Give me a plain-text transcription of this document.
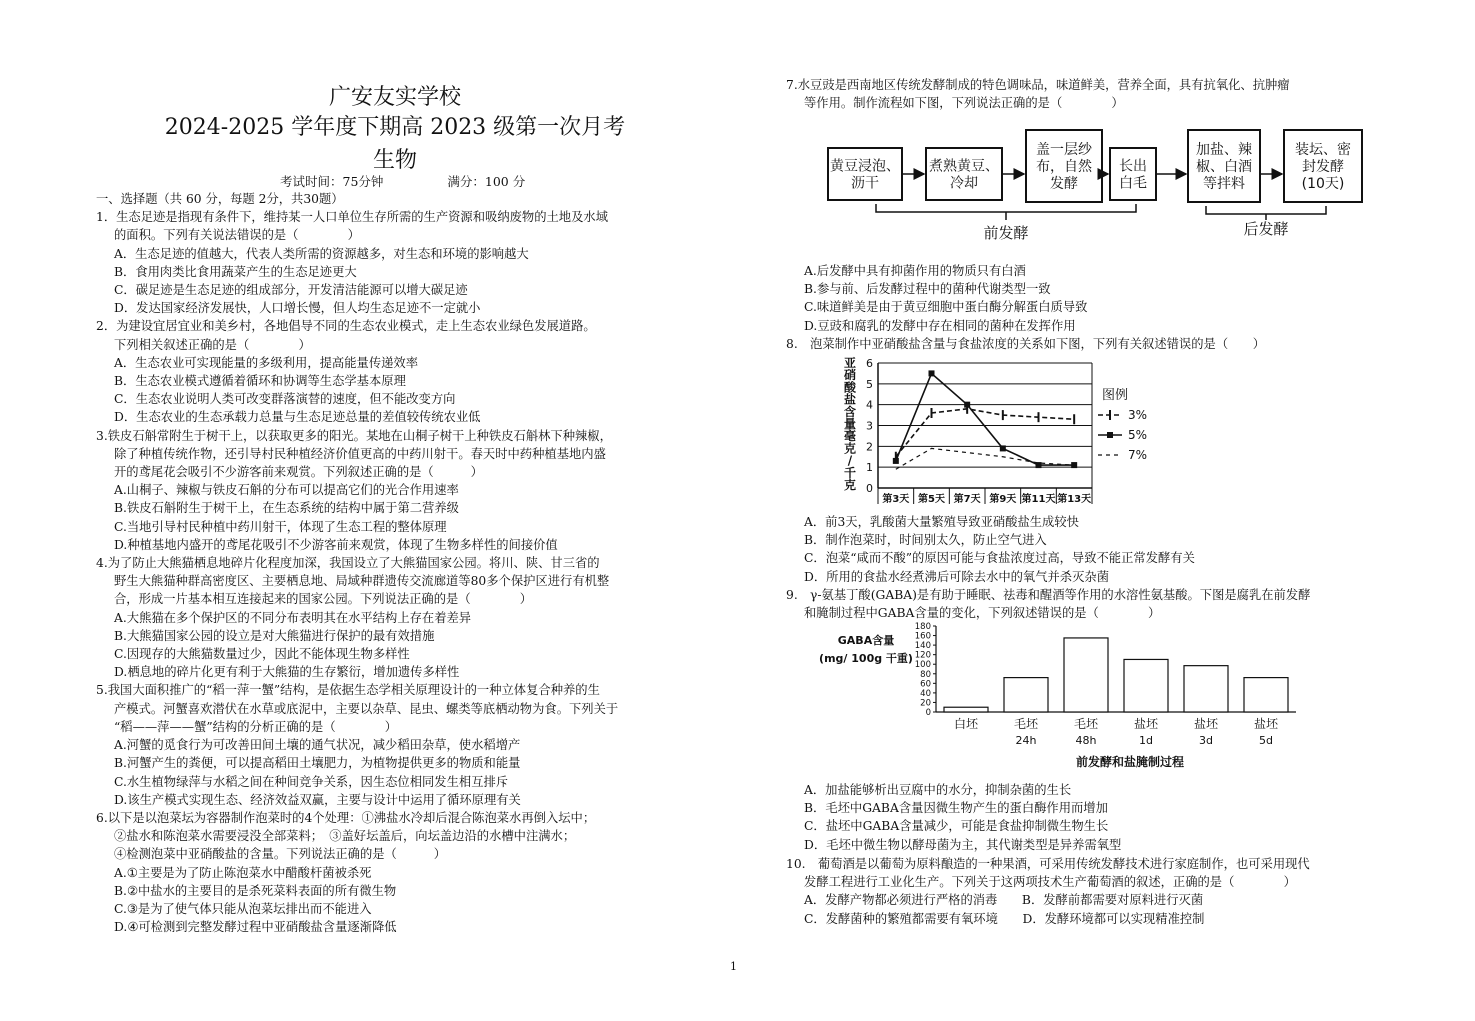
广安友实学校
2024-2025 学年度下期高 2023 级第一次月考
生物
考试时间：75分钟	满分：100 分
一、选择题（共 60 分，每题 2分，共30题）
1．生态足迹是指现有条件下，维持某一人口单位生存所需的生产资源和吸纳废物的土地及水域
的面积。下列有关说法错误的是（　　　　）
A．生态足迹的值越大，代表人类所需的资源越多，对生态和环境的影响越大
B．食用肉类比食用蔬菜产生的生态足迹更大
C．碳足迹是生态足迹的组成部分，开发清洁能源可以增大碳足迹
D．发达国家经济发展快，人口增长慢，但人均生态足迹不一定就小
2．为建设宜居宜业和美乡村，各地倡导不同的生态农业模式，走上生态农业绿色发展道路。
下列相关叙述正确的是（　　　　）
A．生态农业可实现能量的多级利用，提高能量传递效率
B．生态农业模式遵循着循环和协调等生态学基本原理
C．生态农业说明人类可改变群落演替的速度，但不能改变方向
D．生态农业的生态承载力总量与生态足迹总量的差值较传统农业低
3.铁皮石斛常附生于树干上，以获取更多的阳光。某地在山桐子树干上种铁皮石斛林下种辣椒，
除了种植传统作物，还引导村民种植经济价值更高的中药川射干。春天时中药种植基地内盛
开的鸢尾花会吸引不少游客前来观赏。下列叙述正确的是（　　　）
A.山桐子、辣椒与铁皮石斛的分布可以提高它们的光合作用速率
B.铁皮石斛附生于树干上，在生态系统的结构中属于第二营养级
C.当地引导村民种植中药川射干，体现了生态工程的整体原理
D.种植基地内盛开的鸢尾花吸引不少游客前来观赏，体现了生物多样性的间接价值
4.为了防止大熊猫栖息地碎片化程度加深，我国设立了大熊猫国家公园。将川、陕、甘三省的
野生大熊猫种群高密度区、主要栖息地、局域种群遗传交流廊道等80多个保护区进行有机整
合，形成一片基本相互连接起来的国家公园。下列说法正确的是（　　　　）
A.大熊猫在多个保护区的不同分布表明其在水平结构上存在着差异
B.大熊猫国家公园的设立是对大熊猫进行保护的最有效措施
C.因现存的大熊猫数量过少，因此不能体现生物多样性
D.栖息地的碎片化更有利于大熊猫的生存繁衍，增加遗传多样性
5.我国大面积推广的“稻一萍一蟹”结构，是依据生态学相关原理设计的一种立体复合种养的生
产模式。河蟹喜欢潜伏在水草或底泥中，主要以杂草、昆虫、螺类等底栖动物为食。下列关于
“稻——萍——蟹”结构的分析正确的是（　　　　）
A.河蟹的觅食行为可改善田间土壤的通气状况，减少稻田杂草，使水稻增产
B.河蟹产生的粪便，可以提高稻田土壤肥力，为植物提供更多的物质和能量
C.水生植物绿萍与水稻之间在种间竞争关系，因生态位相同发生相互排斥
D.该生产模式实现生态、经济效益双赢，主要与设计中运用了循环原理有关
6.以下是以泡菜坛为容器制作泡菜时的4个处理：①沸盐水冷却后混合陈泡菜水再倒入坛中；
②盐水和陈泡菜水需要浸没全部菜料；　③盖好坛盖后，向坛盖边沿的水槽中注满水；
④检测泡菜中亚硝酸盐的含量。下列说法正确的是（　　　）
A.①主要是为了防止陈泡菜水中醋酸杆菌被杀死
B.②中盐水的主要目的是杀死菜料表面的所有微生物
C.③是为了使气体只能从泡菜坛排出而不能进入
D.④可检测到完整发酵过程中亚硝酸盐含量逐渐降低
7.水豆豉是西南地区传统发酵制成的特色调味品，味道鲜美，营养全面，具有抗氧化、抗肿瘤
等作用。制作流程如下图，下列说法正确的是（　　　　）
黄豆浸泡、
沥干
煮熟黄豆、
冷却
盖一层纱
布，自然
发酵
长出
白毛
加盐、辣
椒、白酒
等拌料
装坛、密
封发酵
(10天)
前发酵	后发酵
A.后发酵中具有抑菌作用的物质只有白酒
B.参与前、后发酵过程中的菌种代谢类型一致
C.味道鲜美是由于黄豆细胞中蛋白酶分解蛋白质导致
D.豆豉和腐乳的发酵中存在相同的菌种在发挥作用
8.　泡菜制作中亚硝酸盐含量与食盐浓度的关系如下图，下列有关叙述错误的是（　　）
0
1
2
3
4
5
6
亚
硝
酸
盐
含
量
毫
克
/
千
克
第3天 第5天 第7天 第9天 第11天 第13天
图例
3%
5%
7%
A．前3天，乳酸菌大量繁殖导致亚硝酸盐生成较快
B．制作泡菜时，时间别太久，防止空气进入
C．泡菜“咸而不酸”的原因可能与食盐浓度过高，导致不能正常发酵有关
D．所用的食盐水经煮沸后可除去水中的氧气并杀灭杂菌
9.　γ-氨基丁酸(GABA)是有助于睡眠、祛毒和醒酒等作用的水溶性氨基酸。下图是腐乳在前发酵
和腌制过程中GABA含量的变化，下列叙述错误的是（　　　　）
0
20
40
60
80
100
120
140
160
180
GABA含量
(mg/ 100g 干重)
白坯	毛坯
24h
毛坯
48h
盐坯
1d
盐坯
3d
盐坯
5d
前发酵和盐腌制过程
A．加盐能够析出豆腐中的水分，抑制杂菌的生长
B．毛坯中GABA含量因微生物产生的蛋白酶作用而增加
C．盐坯中GABA含量减少，可能是食盐抑制微生物生长
D．毛坯中微生物以酵母菌为主，其代谢类型是异养需氧型
10.　葡萄酒是以葡萄为原料酿造的一种果酒，可采用传统发酵技术进行家庭制作，也可采用现代
发酵工程进行工业化生产。下列关于这两项技术生产葡萄酒的叙述，正确的是（　　　　）
A．发酵产物都必须进行严格的消毒　　B．发酵前都需要对原料进行灭菌
C．发酵菌种的繁殖都需要有氧环境　　D．发酵环境都可以实现精准控制
1
